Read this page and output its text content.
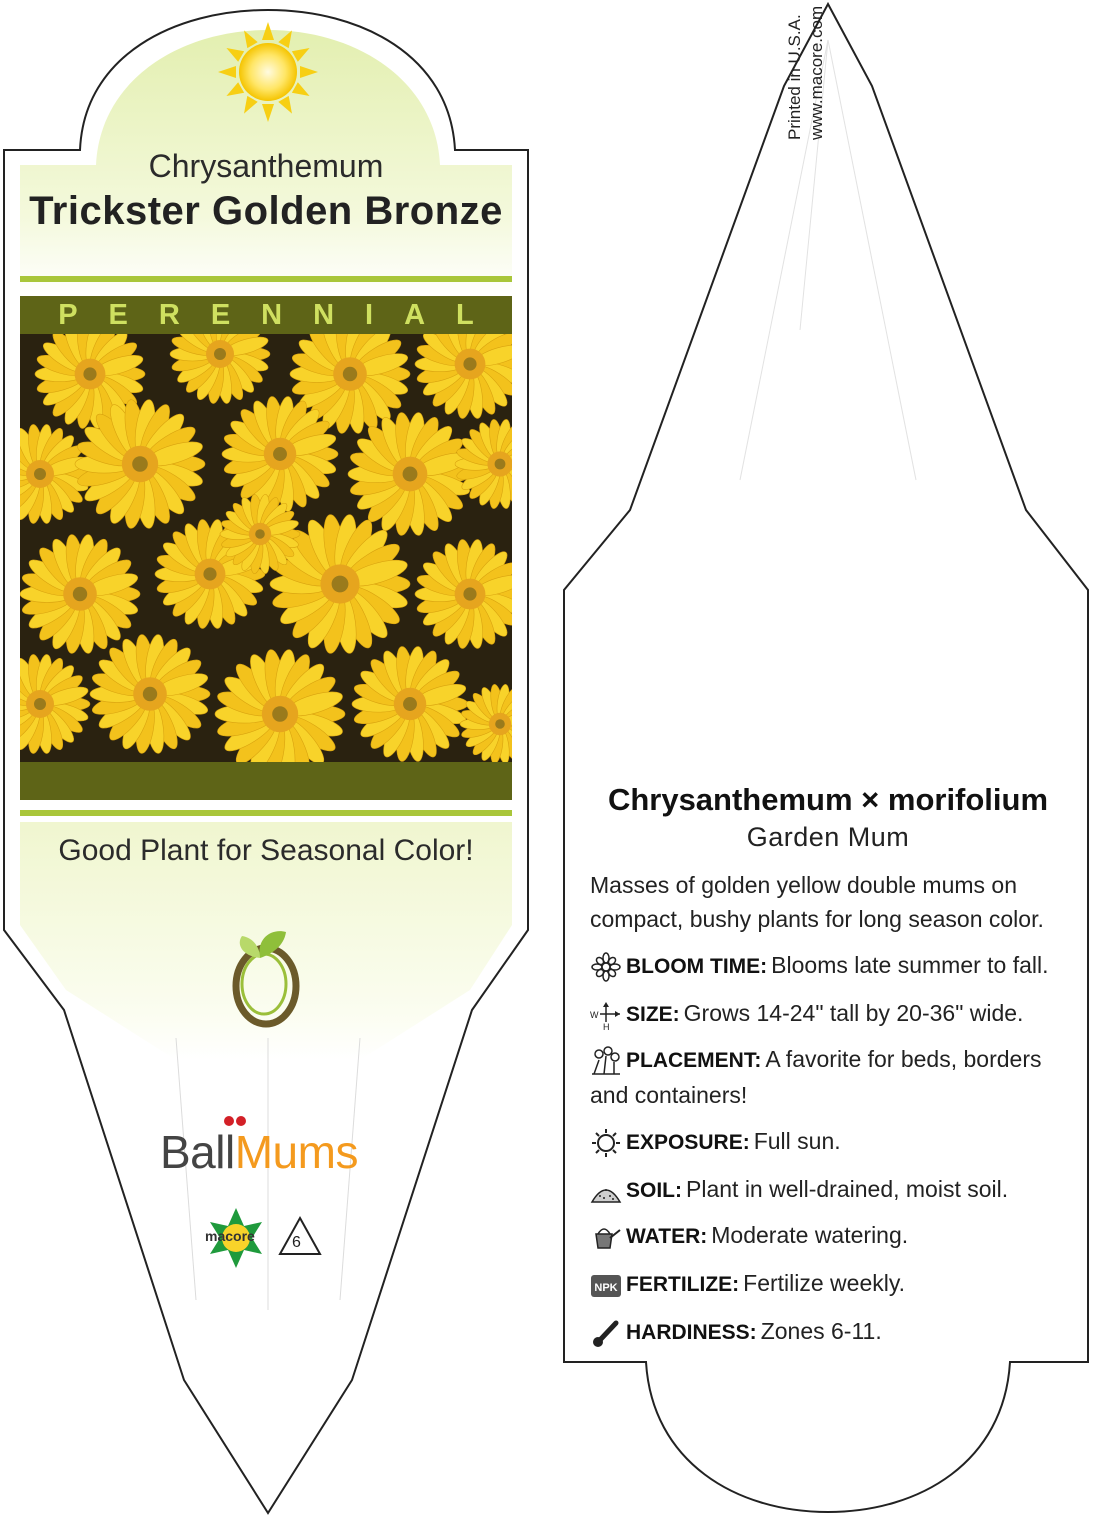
Chrysanthemum
Trickster Golden Bronze
PERENNIAL
Good Plant for Seasonal Color!
BallMums
macore 6
Printed in U.S.A. www.macore.com
Chrysanthemum × morifolium
Garden Mum
Masses of golden yellow double mums on compact, bushy plants for long season color.
BLOOM TIME: Blooms late summer to fall.
W
H
SIZE: Grows 14-24" tall by 20-36" wide.
PLACEMENT: A favorite for beds, borders and containers!
EXPOSURE: Full sun.
SOIL: Plant in well-drained, moist soil.
WATER: Moderate watering.
NPK FERTILIZE: Fertilize weekly.
HARDINESS: Zones 6-11.
